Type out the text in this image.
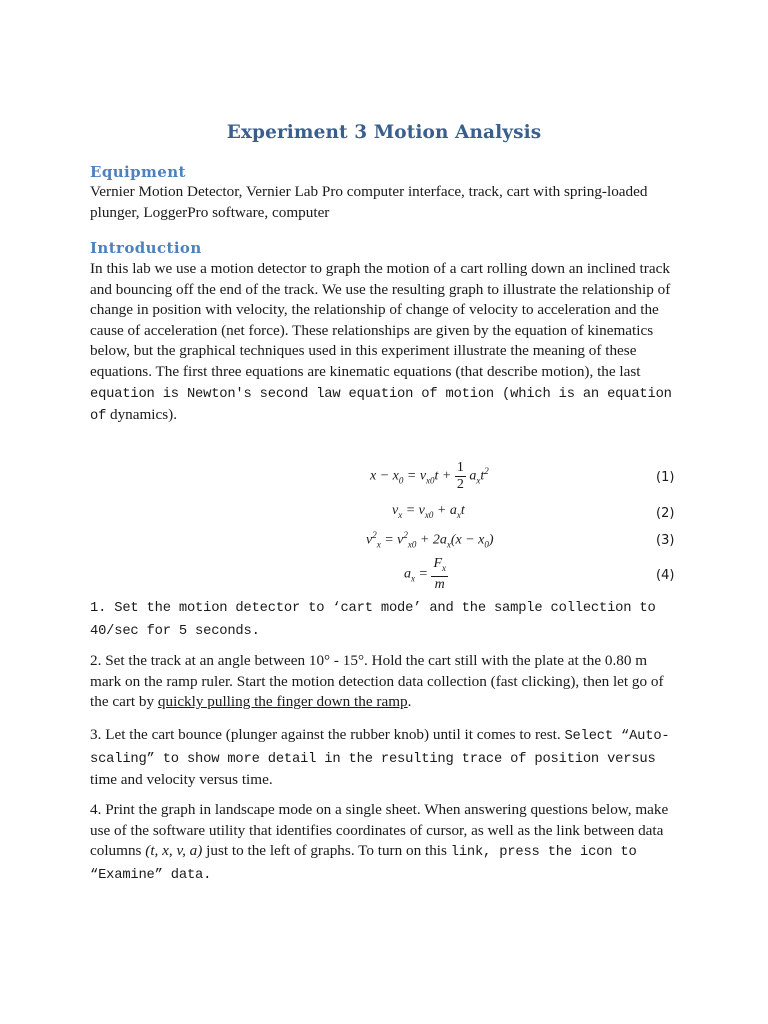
Experiment 3 Motion Analysis
Equipment

Vernier Motion Detector, Vernier Lab Pro computer interface, track, cart with spring-loaded plunger, LoggerPro software, computer

Introduction

In this lab we use a motion detector to graph the motion of a cart rolling down an inclined track and bouncing off the end of the track. We use the resulting graph to illustrate the relationship of change in position with velocity, the relationship of change of velocity to acceleration and the cause of acceleration (net force). These relationships are given by the equation of kinematics below, but the graphical techniques used in this experiment illustrate the meaning of these equations. The first three equations are kinematic equations (that describe motion), the last equation is Newton's second law equation of motion (which is an equation of dynamics).

$x - x_0 = v_{x0}t + \frac{1}{2} a_xt^2$	(1)
$v_x = v_{x0} + a_xt$	(2)
$v^2_x = v^2_{x0} + 2a_x(x - x_0)$	(3)
$a_x = \frac{F_x}{m}$	(4)

1. Set the motion detector to ‘cart mode’ and the sample collection to 40/sec for 5 seconds.

2. Set the track at an angle between 10° - 15°. Hold the cart still with the plate at the 0.80 m mark on the ramp ruler. Start the motion detection data collection (fast clicking), then let go of the cart by quickly pulling the finger down the ramp.

3. Let the cart bounce (plunger against the rubber knob) until it comes to rest. Select “Auto-scaling” to show more detail in the resulting trace of position versus time and velocity versus time.

4. Print the graph in landscape mode on a single sheet. When answering questions below, make use of the software utility that identifies coordinates of cursor, as well as the link between data columns (t, x, v, a) just to the left of graphs. To turn on this link, press the icon to “Examine” data.
